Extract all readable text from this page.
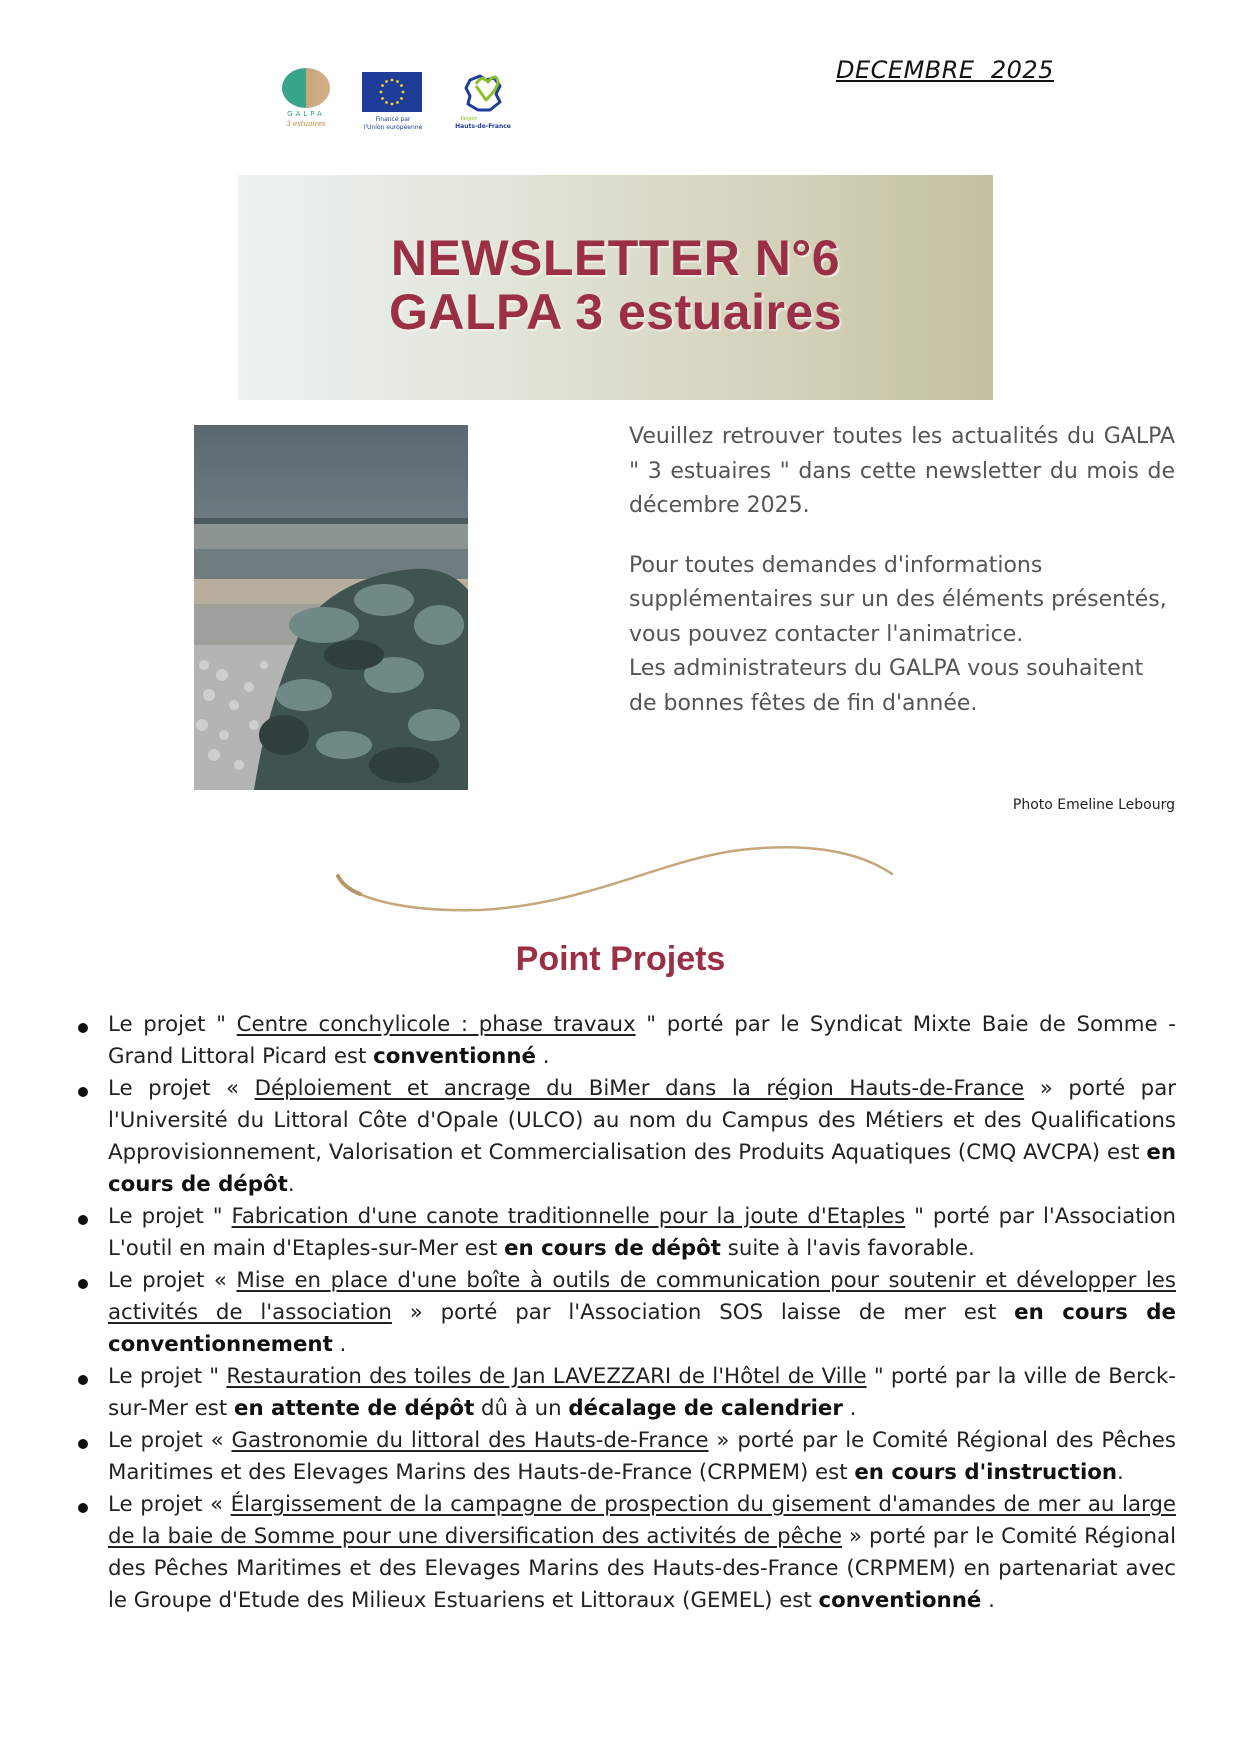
DECEMBRE  2025
GALPA
3 estuaires
Financé par
l'Union européenne
Région
Hauts-de-France
NEWSLETTER N°6
GALPA 3 estuaires

Veuillez retrouver toutes les actualités du GALPA " 3 estuaires " dans cette newsletter du mois de décembre 2025.

Pour toutes demandes d'informations supplémentaires sur un des éléments présentés, vous pouvez contacter l'animatrice.
Les administrateurs du GALPA vous souhaitent de bonnes fêtes de fin d'année.

Photo Emeline Lebourg
Point Projets
Le projet " Centre conchylicole : phase travaux " porté par le Syndicat Mixte Baie de Somme - Grand Littoral Picard est conventionné .
Le projet « Déploiement et ancrage du BiMer dans la région Hauts-de-France » porté par l'Université du Littoral Côte d'Opale (ULCO) au nom du Campus des Métiers et des Qualifications Approvisionnement, Valorisation et Commercialisation des Produits Aquatiques (CMQ AVCPA) est en cours de dépôt.
Le projet " Fabrication d'une canote traditionnelle pour la joute d'Etaples " porté par l'Association L'outil en main d'Etaples-sur-Mer est en cours de dépôt suite à l'avis favorable.
Le projet « Mise en place d'une boîte à outils de communication pour soutenir et développer les activités de l'association » porté par l'Association SOS laisse de mer est en cours de conventionnement .
Le projet " Restauration des toiles de Jan LAVEZZARI de l'Hôtel de Ville " porté par la ville de Berck-sur-Mer est en attente de dépôt dû à un décalage de calendrier .
Le projet « Gastronomie du littoral des Hauts-de-France » porté par le Comité Régional des Pêches Maritimes et des Elevages Marins des Hauts-de-France (CRPMEM) est en cours d'instruction.
Le projet « Élargissement de la campagne de prospection du gisement d'amandes de mer au large de la baie de Somme pour une diversification des activités de pêche » porté par le Comité Régional des Pêches Maritimes et des Elevages Marins des Hauts-des-France (CRPMEM) en partenariat avec le Groupe d'Etude des Milieux Estuariens et Littoraux (GEMEL) est conventionné .
